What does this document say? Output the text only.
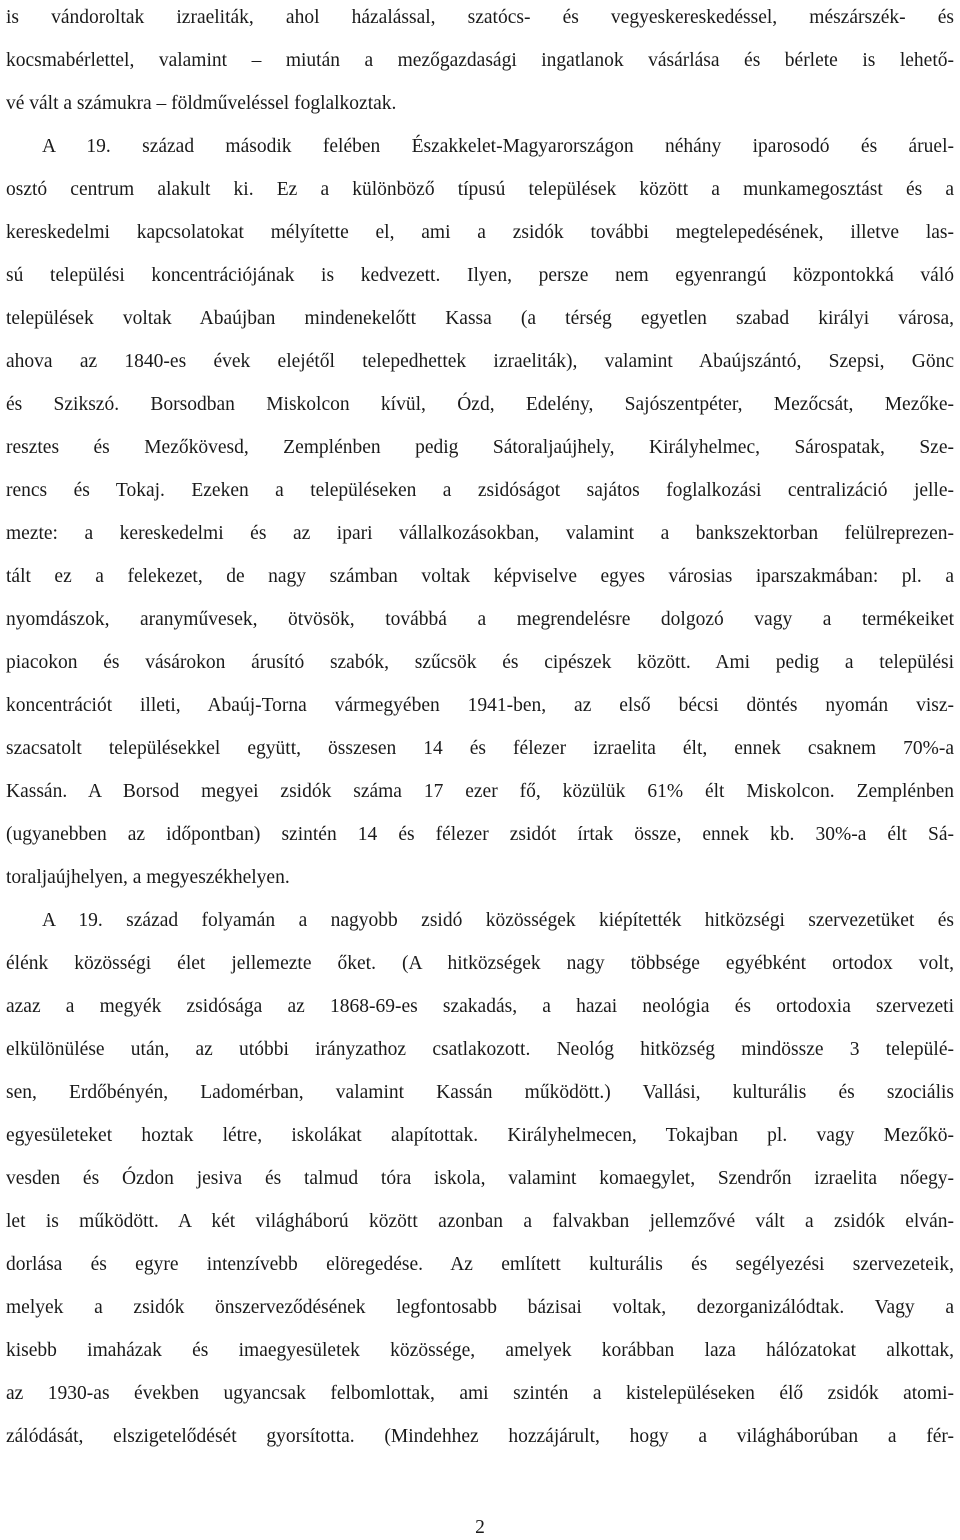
is vándoroltak izraeliták, ahol házalással, szatócs- és vegyeskereskedéssel, mészárszék- és
kocsmabérlettel, valamint – miután a mezőgazdasági ingatlanok vásárlása és bérlete is lehető-
vé vált a számukra – földműveléssel foglalkoztak.
A 19. század második felében Északkelet-Magyarországon néhány iparosodó és áruel-
osztó centrum alakult ki. Ez a különböző típusú települések között a munkamegosztást és a
kereskedelmi kapcsolatokat mélyítette el, ami a zsidók további megtelepedésének, illetve las-
sú települési koncentrációjának is kedvezett. Ilyen, persze nem egyenrangú központokká váló
települések voltak Abaújban mindenekelőtt Kassa (a térség egyetlen szabad királyi városa,
ahova az 1840-es évek elejétől telepedhettek izraeliták), valamint Abaújszántó, Szepsi, Gönc
és Szikszó. Borsodban Miskolcon kívül, Ózd, Edelény, Sajószentpéter, Mezőcsát, Mezőke-
resztes és Mezőkövesd, Zemplénben pedig Sátoraljaújhely, Királyhelmec, Sárospatak, Sze-
rencs és Tokaj. Ezeken a településeken a zsidóságot sajátos foglalkozási centralizáció jelle-
mezte: a kereskedelmi és az ipari vállalkozásokban, valamint a bankszektorban felülreprezen-
tált ez a felekezet, de nagy számban voltak képviselve egyes városias iparszakmában: pl. a
nyomdászok, aranyművesek, ötvösök, továbbá a megrendelésre dolgozó vagy a termékeiket
piacokon és vásárokon árusító szabók, szűcsök és cipészek között. Ami pedig a települési
koncentrációt illeti, Abaúj-Torna vármegyében 1941-ben, az első bécsi döntés nyomán visz-
szacsatolt településekkel együtt, összesen 14 és félezer izraelita élt, ennek csaknem 70%-a
Kassán. A Borsod megyei zsidók száma 17 ezer fő, közülük 61% élt Miskolcon. Zemplénben
(ugyanebben az időpontban) szintén 14 és félezer zsidót írtak össze, ennek kb. 30%-a élt Sá-
toraljaújhelyen, a megyeszékhelyen.
A 19. század folyamán a nagyobb zsidó közösségek kiépítették hitközségi szervezetüket és
élénk közösségi élet jellemezte őket. (A hitközségek nagy többsége egyébként ortodox volt,
azaz a megyék zsidósága az 1868-69-es szakadás, a hazai neológia és ortodoxia szervezeti
elkülönülése után, az utóbbi irányzathoz csatlakozott. Neológ hitközség mindössze 3 települé-
sen, Erdőbényén, Ladomérban, valamint Kassán működött.) Vallási, kulturális és szociális
egyesületeket hoztak létre, iskolákat alapítottak. Királyhelmecen, Tokajban pl. vagy Mezőkö-
vesden és Ózdon jesiva és talmud tóra iskola, valamint komaegylet, Szendrőn izraelita nőegy-
let is működött. A két világháború között azonban a falvakban jellemzővé vált a zsidók elván-
dorlása és egyre intenzívebb elöregedése. Az említett kulturális és segélyezési szervezeteik,
melyek a zsidók önszerveződésének legfontosabb bázisai voltak, dezorganizálódtak. Vagy a
kisebb imaházak és imaegyesületek közössége, amelyek korábban laza hálózatokat alkottak,
az 1930-as években ugyancsak felbomlottak, ami szintén a kistelepüléseken élő zsidók atomi-
zálódását, elszigetelődését gyorsította. (Mindehhez hozzájárult, hogy a világháborúban a fér-
2
